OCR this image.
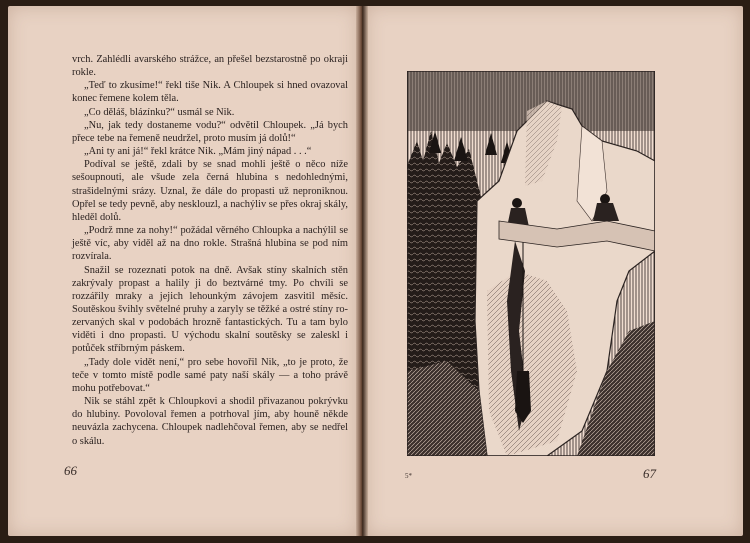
vrch. Zahlédli avarského strážce, an přešel bezstarostně po okraji rokle.

„Teď to zkusíme!“ řekl tiše Nik. A Chloupek si hned ovazoval konec řemene kolem těla.

„Co děláš, blázínku?“ usmál se Nik.

„Nu, jak tedy dostaneme vodu?“ odvětil Chloupek. „Já bych přece tebe na řemeně neudržel, proto musím já dolů!“

„Ani ty ani já!“ řekl krátce Nik. „Mám jiný nápad . . .“

Podíval se ještě, zdali by se snad mohli ještě o něco níže sešoupnouti, ale všude zela černá hlubina s nedohlednými, strašidelnými srázy. Uznal, že dále do propasti už neproniknou. Opřel se tedy pevně, aby nesklouzl, a nachýliv se přes okraj skály, hleděl dolů.

„Podrž mne za nohy!“ požádal věrného Chloupka a nachýlil se ještě víc, aby viděl až na dno rokle. Strašná hlubina se pod ním rozvírala.

Snažil se rozeznati potok na dně. Avšak stíny skalních stěn zakrývaly propast a halily ji do beztvárné tmy. Po chvíli se rozzářily mraky a jejich lehounkým závojem zasvitil měsíc. Soutěskou švihly světelné pruhy a zaryly se těžké a ostré stíny rozervaných skal v podobách hrozně fantastických. Tu a tam bylo viděti i dno propasti. U východu skalní soutěsky se zaleskl i potůček stříbrným páskem.

„Tady dole vidět není,“ pro sebe hovořil Nik, „to je proto, že teče v tomto místě podle samé paty naší skály — a toho právě mohu potřebovat.“

Nik se stáhl zpět k Chloupkovi a shodil přivazanou pokrývku do hlubiny. Povoloval řemen a potrhoval jím, aby houně někde neuvázla zachycena. Chloupek nadlehčoval řemen, aby se nedřel o skálu.

66	5*	67
